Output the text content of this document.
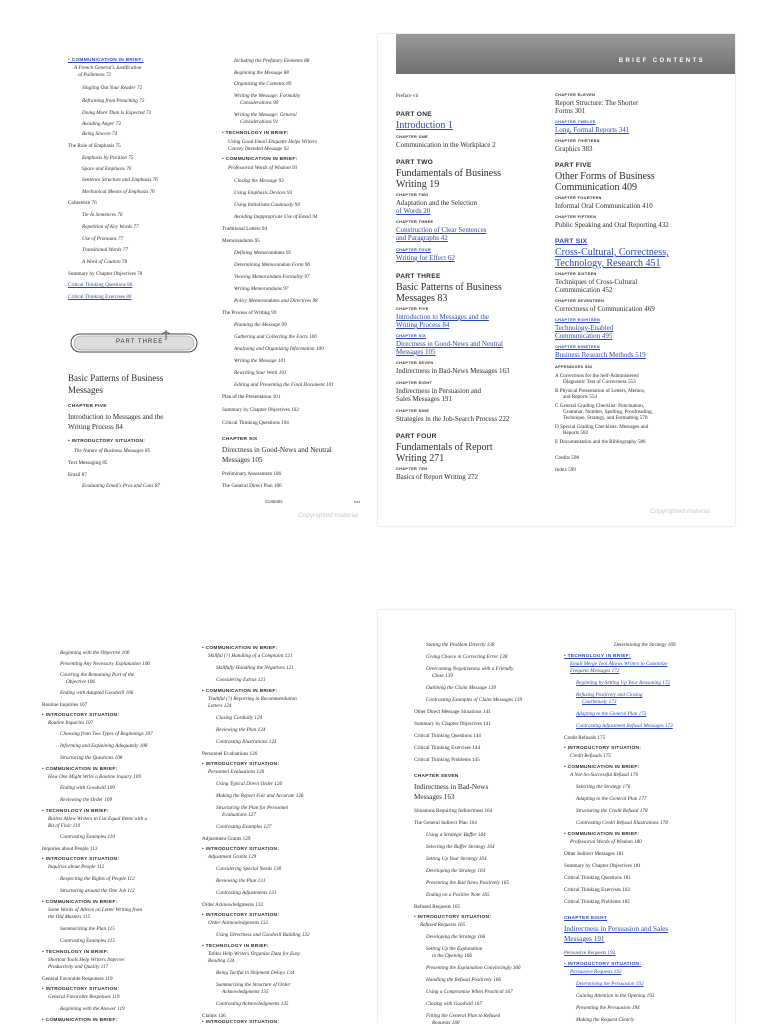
• COMMUNICATION IN BRIEF:
A French General's Justification
of Politeness 72
Singling Out Your Reader 72
Refraining from Preaching 72
Doing More Than Is Expected 72
Avoiding Anger 73
Being Sincere 74
The Role of Emphasis 75
Emphasis by Position 75
Space and Emphasis 76
Sentence Structure and Emphasis 76
Mechanical Means of Emphasis 76
Coherence 76
Tie-In Sentences 76
Repetition of Key Words 77
Use of Pronouns 77
Transitional Words 77
A Word of Caution 78
Summary by Chapter Objectives 78
Critical Thinking Questions 80
Critical Thinking Exercises 80
PART THREE
Basic Patterns of Business
Messages
CHAPTER FIVE
Introduction to Messages and the
Writing Process 84
• INTRODUCTORY SITUATION:
The Nature of Business Messages 85
Text Messaging 85
Email 87
Evaluating Email's Pros and Cons 87
Including the Prefatory Elements 88
Beginning the Message 88
Organizing the Contents 89
Writing the Message: Formality
Considerations 90
Writing the Message: General
Considerations 91
• TECHNOLOGY IN BRIEF:
Using Good Email Etiquette Helps Writers
Convey Intended Message 92
• COMMUNICATION IN BRIEF:
Professorial Words of Wisdom 93
Closing the Message 93
Using Emphasis Devices 93
Using Initialisms Cautiously 94
Avoiding Inappropriate Use of Email 94
Traditional Letters 94
Memorandums 95
Defining Memorandums 95
Determining Memorandum Form 96
Viewing Memorandum Formality 97
Writing Memorandums 97
Policy Memorandums and Directives 98
The Process of Writing 99
Planning the Message 99
Gathering and Collecting the Facts 100
Analyzing and Organizing Information 100
Writing the Message 101
Rewriting Your Work 101
Editing and Presenting the Final Document 101
Plan of the Presentation 101
Summary by Chapter Objectives 102
Critical Thinking Questions 104
CHAPTER SIX
Directness in Good-News and Neutral
Messages 105
Preliminary Assessment 106
The General Direct Plan 106
Contents	xxi
Copyrighted material
BRIEF CONTENTS
Preface vii
PART ONE
Introduction 1
CHAPTER ONE
Communication in the Workplace 2
PART TWO
Fundamentals of Business
Writing 19
CHAPTER TWO
Adaptation and the Selection
of Words 20
CHAPTER THREE
Construction of Clear Sentences
and Paragraphs 42
CHAPTER FOUR
Writing for Effect 62
PART THREE
Basic Patterns of Business
Messages 83
CHAPTER FIVE
Introduction to Messages and the
Writing Process 84
CHAPTER SIX
Directness in Good-News and Neutral
Messages 105
CHAPTER SEVEN
Indirectness in Bad-News Messages 163
CHAPTER EIGHT
Indirectness in Persuasion and
Sales Messages 191
CHAPTER NINE
Strategies in the Job-Search Process 222
PART FOUR
Fundamentals of Report
Writing 271
CHAPTER TEN
Basics of Report Writing 272
CHAPTER ELEVEN
Report Structure: The Shorter
Forms 301
CHAPTER TWELVE
Long, Formal Reports 341
CHAPTER THIRTEEN
Graphics 383
PART FIVE
Other Forms of Business
Communication 409
CHAPTER FOURTEEN
Informal Oral Communication 410
CHAPTER FIFTEEN
Public Speaking and Oral Reporting 432
PART SIX
Cross-Cultural, Correctness,
Technology, Research 451
CHAPTER SIXTEEN
Techniques of Cross-Cultural
Communication 452
CHAPTER SEVENTEEN
Correctness of Communication 469
CHAPTER EIGHTEEN
Technology-Enabled
Communication 495
CHAPTER NINETEEN
Business Research Methods 519
APPENDIXES 552
A Corrections for the Self-Administered
Diagnostic Test of Correctness 553
B Physical Presentation of Letters, Memos,
and Reports 554
C General Grading Checklist: Punctuation,
Grammar, Number, Spelling, Proofreading,
Technique, Strategy, and Formatting 578
D Special Grading Checklists: Messages and
Reports 582
E Documentation and the Bibliography 586
Credits 598
Index 599
Copyrighted material
Beginning with the Objective 106
Presenting Any Necessary Explanation 106
Covering the Remaining Part of the
Objective 106
Ending with Adapted Goodwill 106
Routine Inquiries 107
• INTRODUCTORY SITUATION:
Routine Inquiries 107
Choosing from Two Types of Beginnings 107
Informing and Explaining Adequately 108
Structuring the Questions 108
• COMMUNICATION IN BRIEF:
How One Might Write a Routine Inquiry 109
Ending with Goodwill 109
Reviewing the Order 109
• TECHNOLOGY IN BRIEF:
Bullets Allow Writers to List Equal Items with a
Bit of Flair 110
Contrasting Examples 110
Inquiries about People 112
• INTRODUCTORY SITUATION:
Inquiries about People 112
Respecting the Rights of People 112
Structuring around the One Job 112
• COMMUNICATION IN BRIEF:
Some Words of Advice on Letter Writing from
the Old Masters 115
Summarizing the Plan 115
Contrasting Examples 115
• TECHNOLOGY IN BRIEF:
Shortcut Tools Help Writers Improve
Productivity and Quality 117
General Favorable Responses 119
• INTRODUCTORY SITUATION:
General Favorable Responses 119
Beginning with the Answer 119
• COMMUNICATION IN BRIEF:
• COMMUNICATION IN BRIEF:
Skillful (?) Handling of a Complaint 121
Skillfully Handling the Negatives 121
Considering Extras 121
• COMMUNICATION IN BRIEF:
Truthful (?) Reporting in Recommendation
Letters 124
Closing Cordially 124
Reviewing the Plan 124
Contrasting Illustrations 124
Personnel Evaluations 126
• INTRODUCTORY SITUATION:
Personnel Evaluations 126
Using Typical Direct Order 126
Making the Report Fair and Accurate 126
Structuring the Plan for Personnel
Evaluations 127
Contrasting Examples 127
Adjustment Grants 129
• INTRODUCTORY SITUATION:
Adjustment Grants 129
Considering Special Needs 130
Reviewing the Plan 131
Contrasting Adjustments 131
Order Acknowledgments 132
• INTRODUCTORY SITUATION:
Order Acknowledgments 132
Using Directness and Goodwill Building 132
• TECHNOLOGY IN BRIEF:
Tables Help Writers Organize Data for Easy
Reading 134
Being Tactful in Shipment Delays 134
Summarizing the Structure of Order
Acknowledgments 135
Contrasting Acknowledgments 135
Claims 136
• INTRODUCTORY SITUATION:
Stating the Problem Directly 138
Giving Choice in Correcting Error 138
Overcoming Negativeness with a Friendly
Close 139
Outlining the Claim Message 139
Contrasting Examples of Claim Messages 139
Other Direct Message Situations 141
Summary by Chapter Objectives 141
Critical Thinking Questions 144
Critical Thinking Exercises 144
Critical Thinking Problems 145
CHAPTER SEVEN
Indirectness in Bad-News
Messages 163
Situations Requiring Indirectness 164
The General Indirect Plan 164
Using a Strategic Buffer 164
Selecting the Buffer Strategy 164
Setting Up Your Strategy 164
Developing the Strategy 164
Presenting the Bad News Positively 165
Ending on a Positive Note 165
Refused Requests 165
• INTRODUCTORY SITUATION:
Refused Requests 165
Developing the Strategy 166
Setting Up the Explanation
in the Opening 166
Presenting the Explanation Convincingly 166
Handling the Refusal Positively 166
Using a Compromise When Practical 167
Closing with Goodwill 167
Fitting the General Plan to Refused
Requests 168
Determining the Strategy 169
• TECHNOLOGY IN BRIEF:
Email Merge Tool Allows Writers to Customize
Frequent Messages 172
Beginning by Setting Up Your Reasoning 172
Refusing Positively and Closing
Courteously 173
Adapting to the General Plan 173
Contrasting Adjustment Refusal Messages 173
Credit Refusals 175
• INTRODUCTORY SITUATION:
Credit Refusals 175
• COMMUNICATION IN BRIEF:
A Not-So-Successful Refusal 176
Selecting the Strategy 176
Adapting to the General Plan 177
Structuring the Credit Refusal 178
Contrasting Credit Refusal Illustrations 178
• COMMUNICATION IN BRIEF:
Professorial Words of Wisdom 180
Other Indirect Messages 181
Summary by Chapter Objectives 181
Critical Thinking Questions 181
Critical Thinking Exercises 182
Critical Thinking Problems 182
CHAPTER EIGHT
Indirectness in Persuasion and Sales
Messages 191
Persuasive Requests 192
• INTRODUCTORY SITUATION:
Persuasive Requests 192
Determining the Persuasion 192
Gaining Attention in the Opening 193
Presenting the Persuasion 194
Making the Request Clearly
